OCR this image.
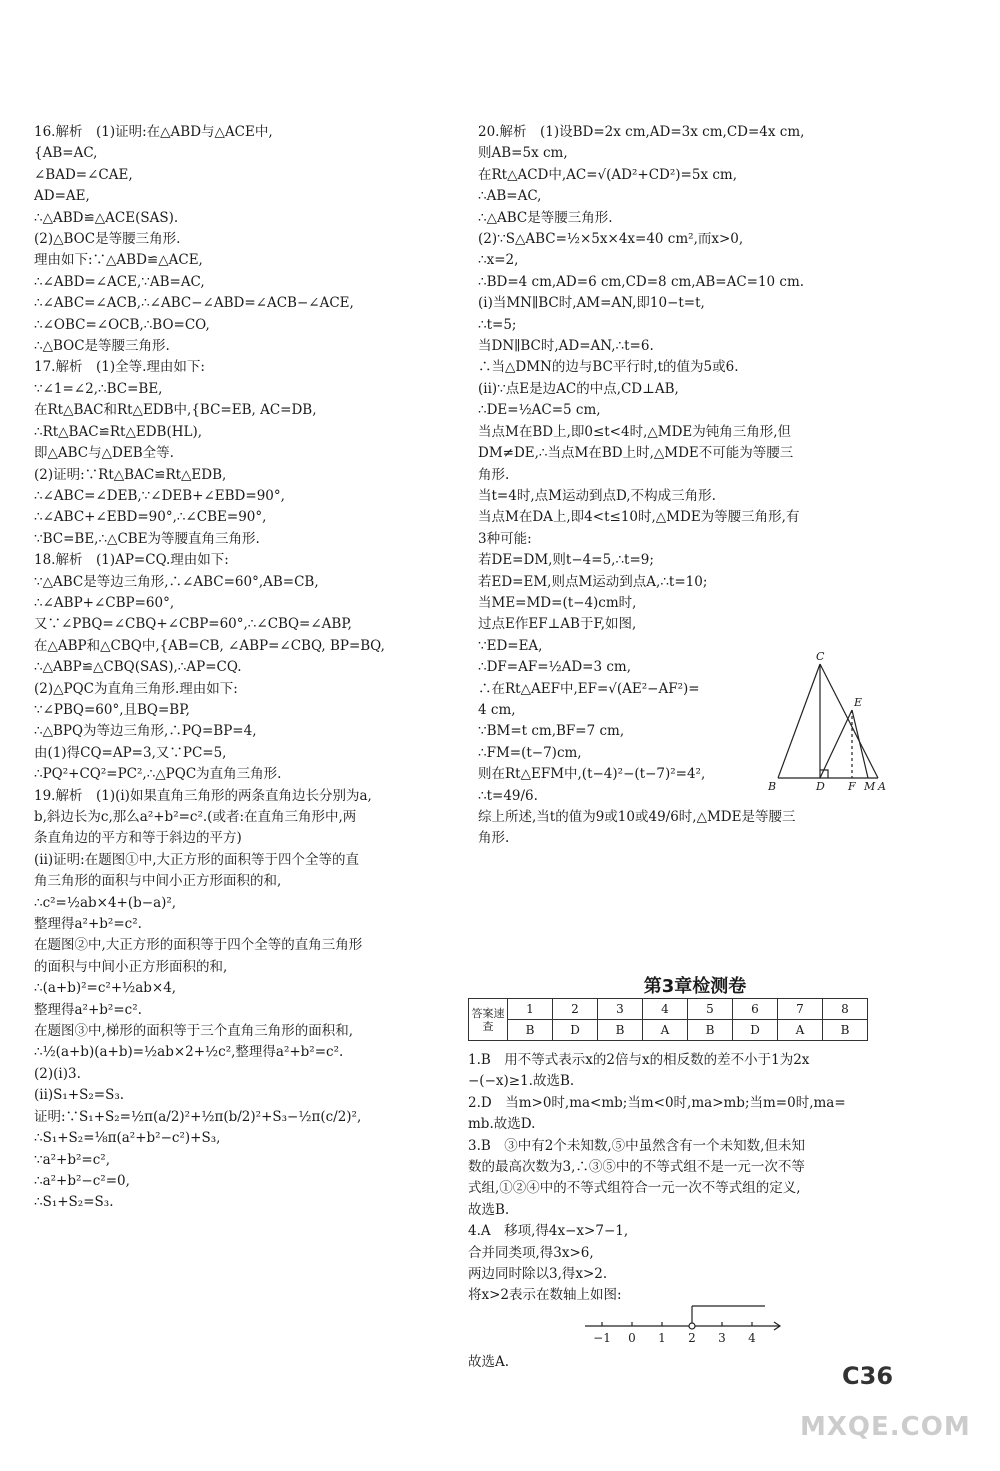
16.解析　(1)证明:在△ABD与△ACE中,
{AB=AC,
∠BAD=∠CAE,
AD=AE,
∴△ABD≌△ACE(SAS).
(2)△BOC是等腰三角形.
理由如下:∵△ABD≌△ACE,
∴∠ABD=∠ACE,∵AB=AC,
∴∠ABC=∠ACB,∴∠ABC−∠ABD=∠ACB−∠ACE,
∴∠OBC=∠OCB,∴BO=CO,
∴△BOC是等腰三角形.
17.解析　(1)全等.理由如下:
∵∠1=∠2,∴BC=BE,
在Rt△BAC和Rt△EDB中,{BC=EB, AC=DB,
∴Rt△BAC≌Rt△EDB(HL),
即△ABC与△DEB全等.
(2)证明:∵Rt△BAC≌Rt△EDB,
∴∠ABC=∠DEB,∵∠DEB+∠EBD=90°,
∴∠ABC+∠EBD=90°,∴∠CBE=90°,
∵BC=BE,∴△CBE为等腰直角三角形.
18.解析　(1)AP=CQ.理由如下:
∵△ABC是等边三角形,∴∠ABC=60°,AB=CB,
∴∠ABP+∠CBP=60°,
又∵∠PBQ=∠CBQ+∠CBP=60°,∴∠CBQ=∠ABP,
在△ABP和△CBQ中,{AB=CB, ∠ABP=∠CBQ, BP=BQ,
∴△ABP≌△CBQ(SAS),∴AP=CQ.
(2)△PQC为直角三角形.理由如下:
∵∠PBQ=60°,且BQ=BP,
∴△BPQ为等边三角形,∴PQ=BP=4,
由(1)得CQ=AP=3,又∵PC=5,
∴PQ²+CQ²=PC²,∴△PQC为直角三角形.
19.解析　(1)(i)如果直角三角形的两条直角边长分别为a,
b,斜边长为c,那么a²+b²=c².(或者:在直角三角形中,两
条直角边的平方和等于斜边的平方)
(ii)证明:在题图①中,大正方形的面积等于四个全等的直
角三角形的面积与中间小正方形面积的和,
∴c²=½ab×4+(b−a)²,
整理得a²+b²=c².
在题图②中,大正方形的面积等于四个全等的直角三角形
的面积与中间小正方形面积的和,
∴(a+b)²=c²+½ab×4,
整理得a²+b²=c².
在题图③中,梯形的面积等于三个直角三角形的面积和,
∴½(a+b)(a+b)=½ab×2+½c²,整理得a²+b²=c².
(2)(i)3.
(ii)S₁+S₂=S₃.
证明:∵S₁+S₂=½π(a/2)²+½π(b/2)²+S₃−½π(c/2)²,
∴S₁+S₂=⅛π(a²+b²−c²)+S₃,
∵a²+b²=c²,
∴a²+b²−c²=0,
∴S₁+S₂=S₃.
20.解析　(1)设BD=2x cm,AD=3x cm,CD=4x cm,
则AB=5x cm,
在Rt△ACD中,AC=√(AD²+CD²)=5x cm,
∴AB=AC,
∴△ABC是等腰三角形.
(2)∵S△ABC=½×5x×4x=40 cm²,而x>0,
∴x=2,
∴BD=4 cm,AD=6 cm,CD=8 cm,AB=AC=10 cm.
(i)当MN∥BC时,AM=AN,即10−t=t,
∴t=5;
当DN∥BC时,AD=AN,∴t=6.
∴当△DMN的边与BC平行时,t的值为5或6.
(ii)∵点E是边AC的中点,CD⊥AB,
∴DE=½AC=5 cm,
当点M在BD上,即0≤t<4时,△MDE为钝角三角形,但
DM≠DE,∴当点M在BD上时,△MDE不可能为等腰三
角形.
当t=4时,点M运动到点D,不构成三角形.
当点M在DA上,即4<t≤10时,△MDE为等腰三角形,有
3种可能:
若DE=DM,则t−4=5,∴t=9;
若ED=EM,则点M运动到点A,∴t=10;
当ME=MD=(t−4)cm时,
过点E作EF⊥AB于F,如图,
∵ED=EA,
∴DF=AF=½AD=3 cm,
∴在Rt△AEF中,EF=√(AE²−AF²)=
4 cm,
∵BM=t cm,BF=7 cm,
∴FM=(t−7)cm,
则在Rt△EFM中,(t−4)²−(t−7)²=4²,
∴t=49/6.
综上所述,当t的值为9或10或49/6时,△MDE是等腰三
角形.
C
E
B	D F M A
第3章检测卷
答案速查	1	2	3	4	5	6	7	8
	B	D	B	A	B	D	A	B
1.B　用不等式表示x的2倍与x的相反数的差不小于1为2x
−(−x)≥1.故选B.
2.D　当m>0时,ma<mb;当m<0时,ma>mb;当m=0时,ma=
mb.故选D.
3.B　③中有2个未知数,⑤中虽然含有一个未知数,但未知
数的最高次数为3,∴③⑤中的不等式组不是一元一次不等
式组,①②④中的不等式组符合一元一次不等式组的定义,
故选B.
4.A　移项,得4x−x>7−1,
合并同类项,得3x>6,
两边同时除以3,得x>2.
将x>2表示在数轴上如图:
−1 0 1 2 3 4
故选A.	C36
MXQE.COM
